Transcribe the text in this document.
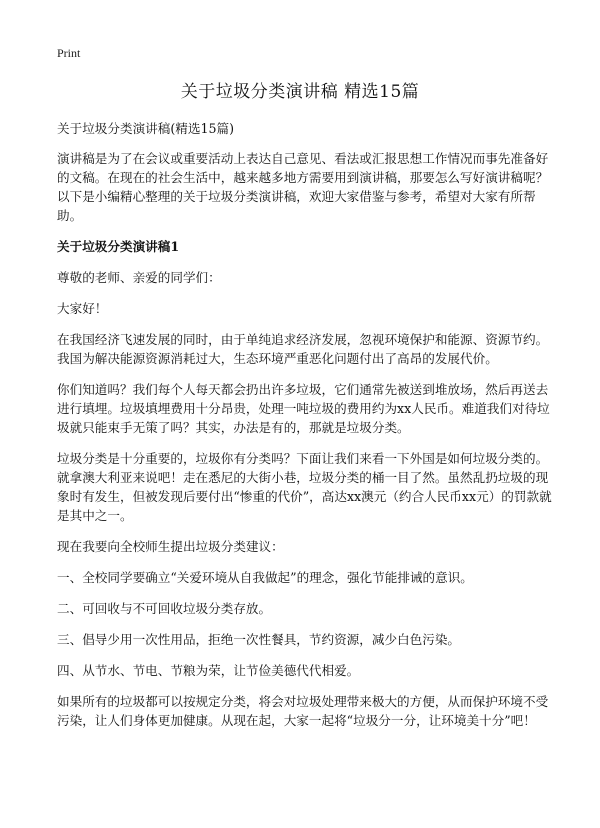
Print
关于垃圾分类演讲稿 精选15篇

关于垃圾分类演讲稿(精选15篇)

演讲稿是为了在会议或重要活动上表达自己意见、看法或汇报思想工作情况而事先准备好的文稿。在现在的社会生活中，越来越多地方需要用到演讲稿，那要怎么写好演讲稿呢？以下是小编精心整理的关于垃圾分类演讲稿，欢迎大家借鉴与参考，希望对大家有所帮助。

关于垃圾分类演讲稿1

尊敬的老师、亲爱的同学们：

大家好！

在我国经济飞速发展的同时，由于单纯追求经济发展，忽视环境保护和能源、资源节约。我国为解决能源资源消耗过大，生态环境严重恶化问题付出了高昂的发展代价。

你们知道吗？我们每个人每天都会扔出许多垃圾，它们通常先被送到堆放场，然后再送去进行填埋。垃圾填埋费用十分昂贵，处理一吨垃圾的费用约为xx人民币。难道我们对待垃圾就只能束手无策了吗？其实，办法是有的，那就是垃圾分类。

垃圾分类是十分重要的，垃圾你有分类吗？下面让我们来看一下外国是如何垃圾分类的。就拿澳大利亚来说吧！走在悉尼的大街小巷，垃圾分类的桶一目了然。虽然乱扔垃圾的现象时有发生，但被发现后要付出“惨重的代价”，高达xx澳元（约合人民币xx元）的罚款就是其中之一。

现在我要向全校师生提出垃圾分类建议：

一、全校同学要确立“关爱环境从自我做起”的理念，强化节能排诫的意识。

二、可回收与不可回收垃圾分类存放。

三、倡导少用一次性用品，拒绝一次性餐具，节约资源，减少白色污染。

四、从节水、节电、节粮为荣，让节俭美德代代相爱。

如果所有的垃圾都可以按规定分类，将会对垃圾处理带来极大的方便，从而保护环境不受污染，让人们身体更加健康。从现在起，大家一起将“垃圾分一分，让环境美十分”吧！
